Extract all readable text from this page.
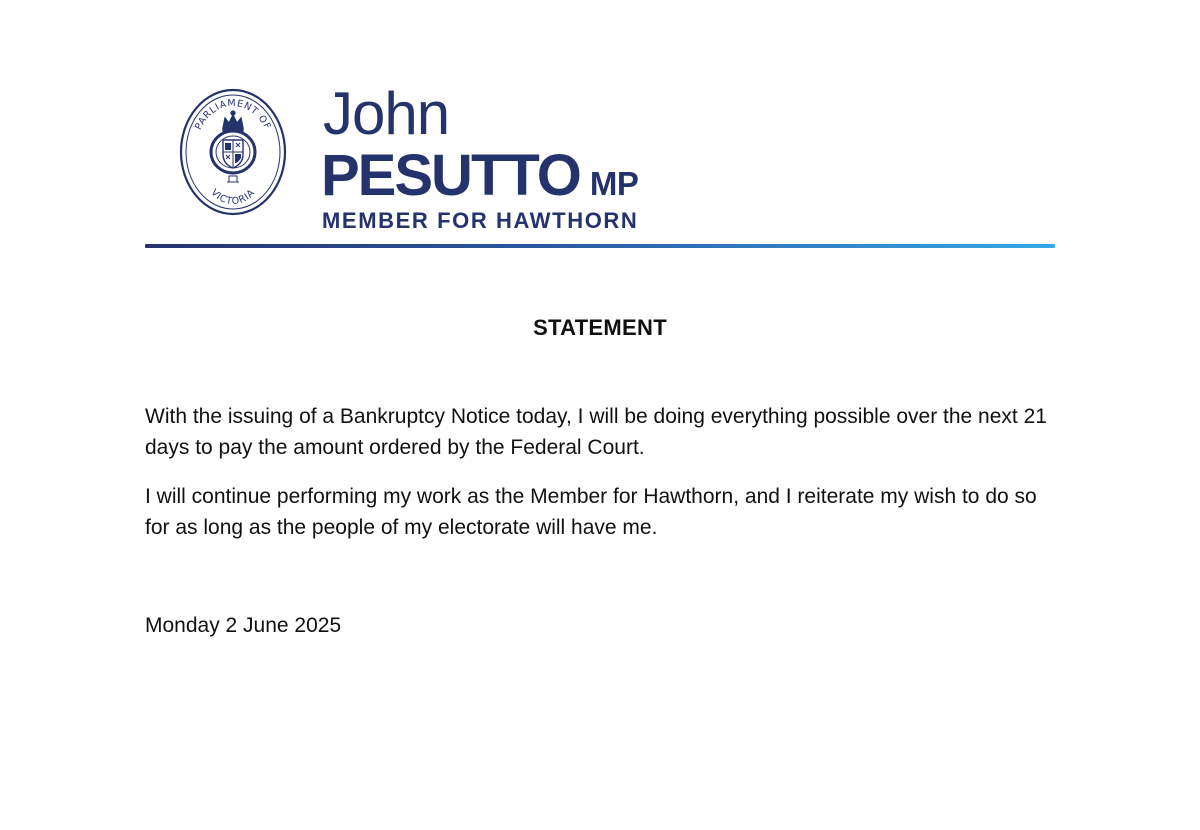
PARLIAMENT OF
VICTORIA
John
PESUTTO MP
MEMBER FOR HAWTHORN
STATEMENT

With the issuing of a Bankruptcy Notice today, I will be doing everything possible over the next 21 days to pay the amount ordered by the Federal Court.

I will continue performing my work as the Member for Hawthorn, and I reiterate my wish to do so for as long as the people of my electorate will have me.

Monday 2 June 2025
